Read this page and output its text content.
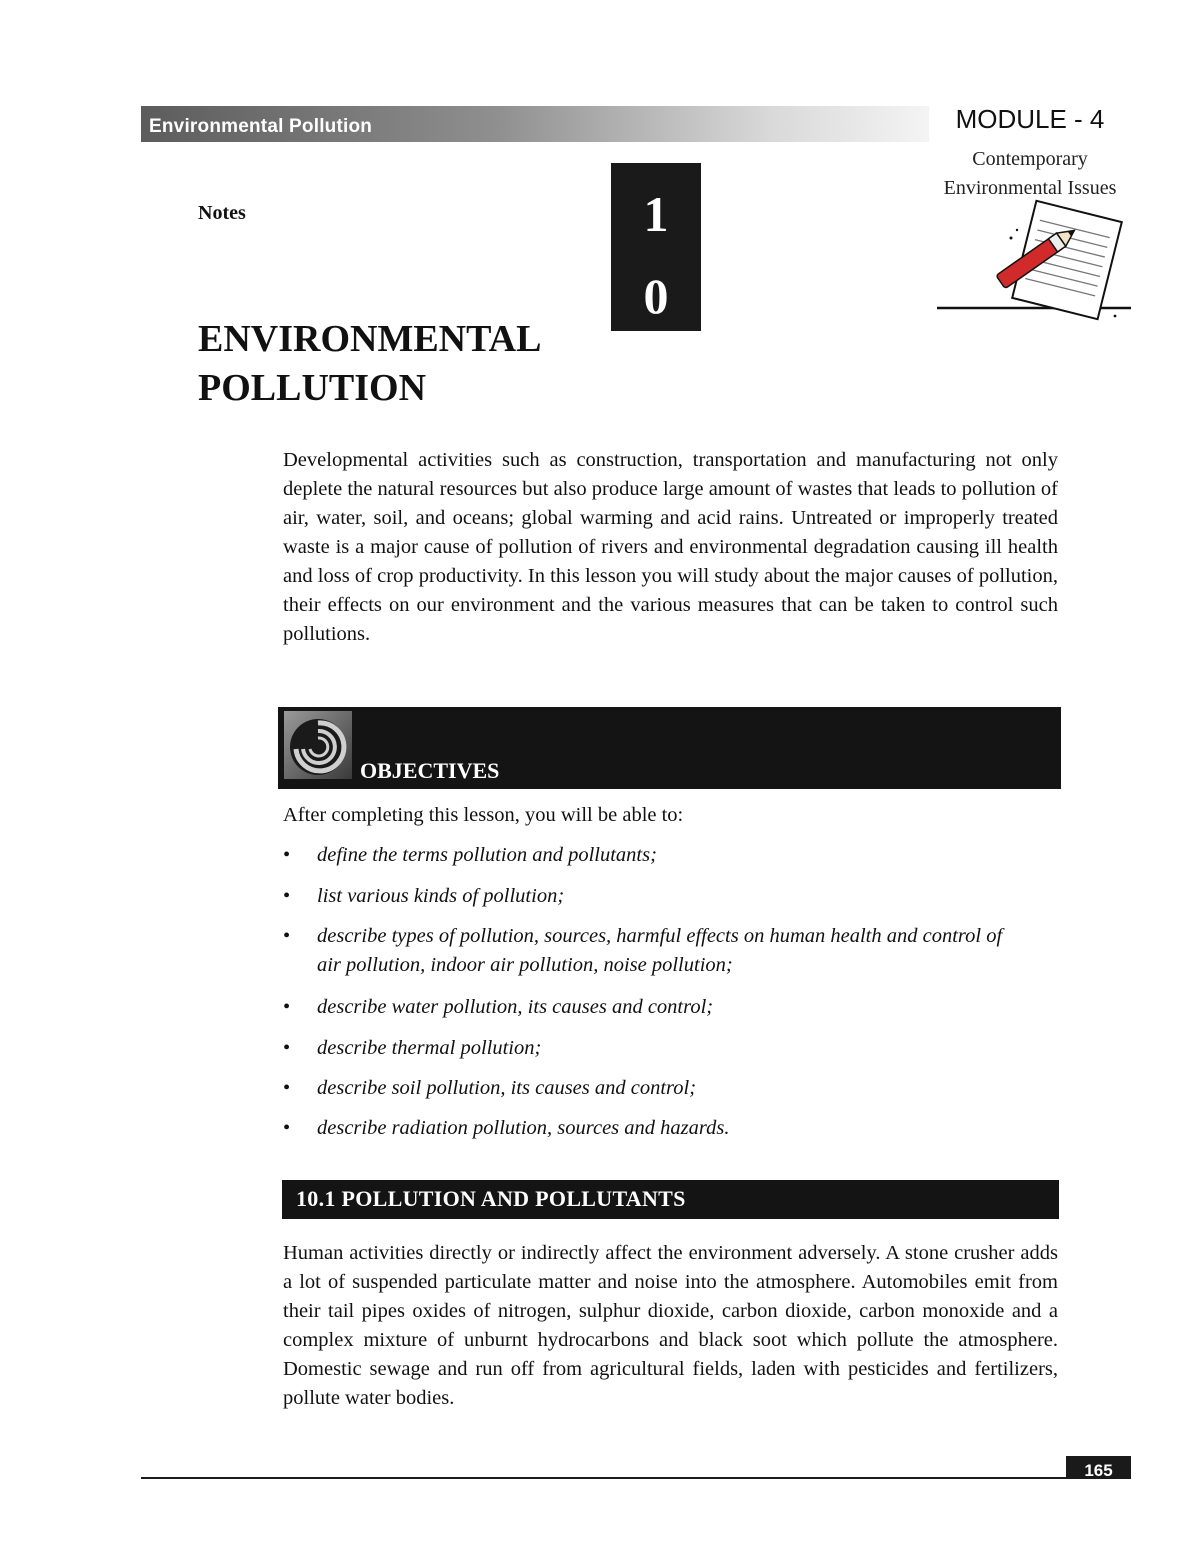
Environmental Pollution	MODULE - 4
Contemporary
Environmental Issues
Notes	1
0
ENVIRONMENTAL
POLLUTION
Developmental activities such as construction, transportation and manufacturing not only deplete the natural resources but also produce large amount of wastes that leads to pollution of air, water, soil, and oceans; global warming and acid rains. Untreated or improperly treated waste is a major cause of pollution of rivers and environmental degradation causing ill health and loss of crop productivity. In this lesson you will study about the major causes of pollution, their effects on our environment and the various measures that can be taken to control such pollutions.
OBJECTIVES
After completing this lesson, you will be able to:
• define the terms pollution and pollutants;
• list various kinds of pollution;
• describe types of pollution, sources, harmful effects on human health and control of air pollution, indoor air pollution, noise pollution;
• describe water pollution, its causes and control;
• describe thermal pollution;
• describe soil pollution, its causes and control;
• describe radiation pollution, sources and hazards.
10.1 POLLUTION AND POLLUTANTS
Human activities directly or indirectly affect the environment adversely. A stone crusher adds a lot of suspended particulate matter and noise into the atmosphere. Automobiles emit from their tail pipes oxides of nitrogen, sulphur dioxide, carbon dioxide, carbon monoxide and a complex mixture of unburnt hydrocarbons and black soot which pollute the atmosphere. Domestic sewage and run off from agricultural fields, laden with pesticides and fertilizers, pollute water bodies.
165
